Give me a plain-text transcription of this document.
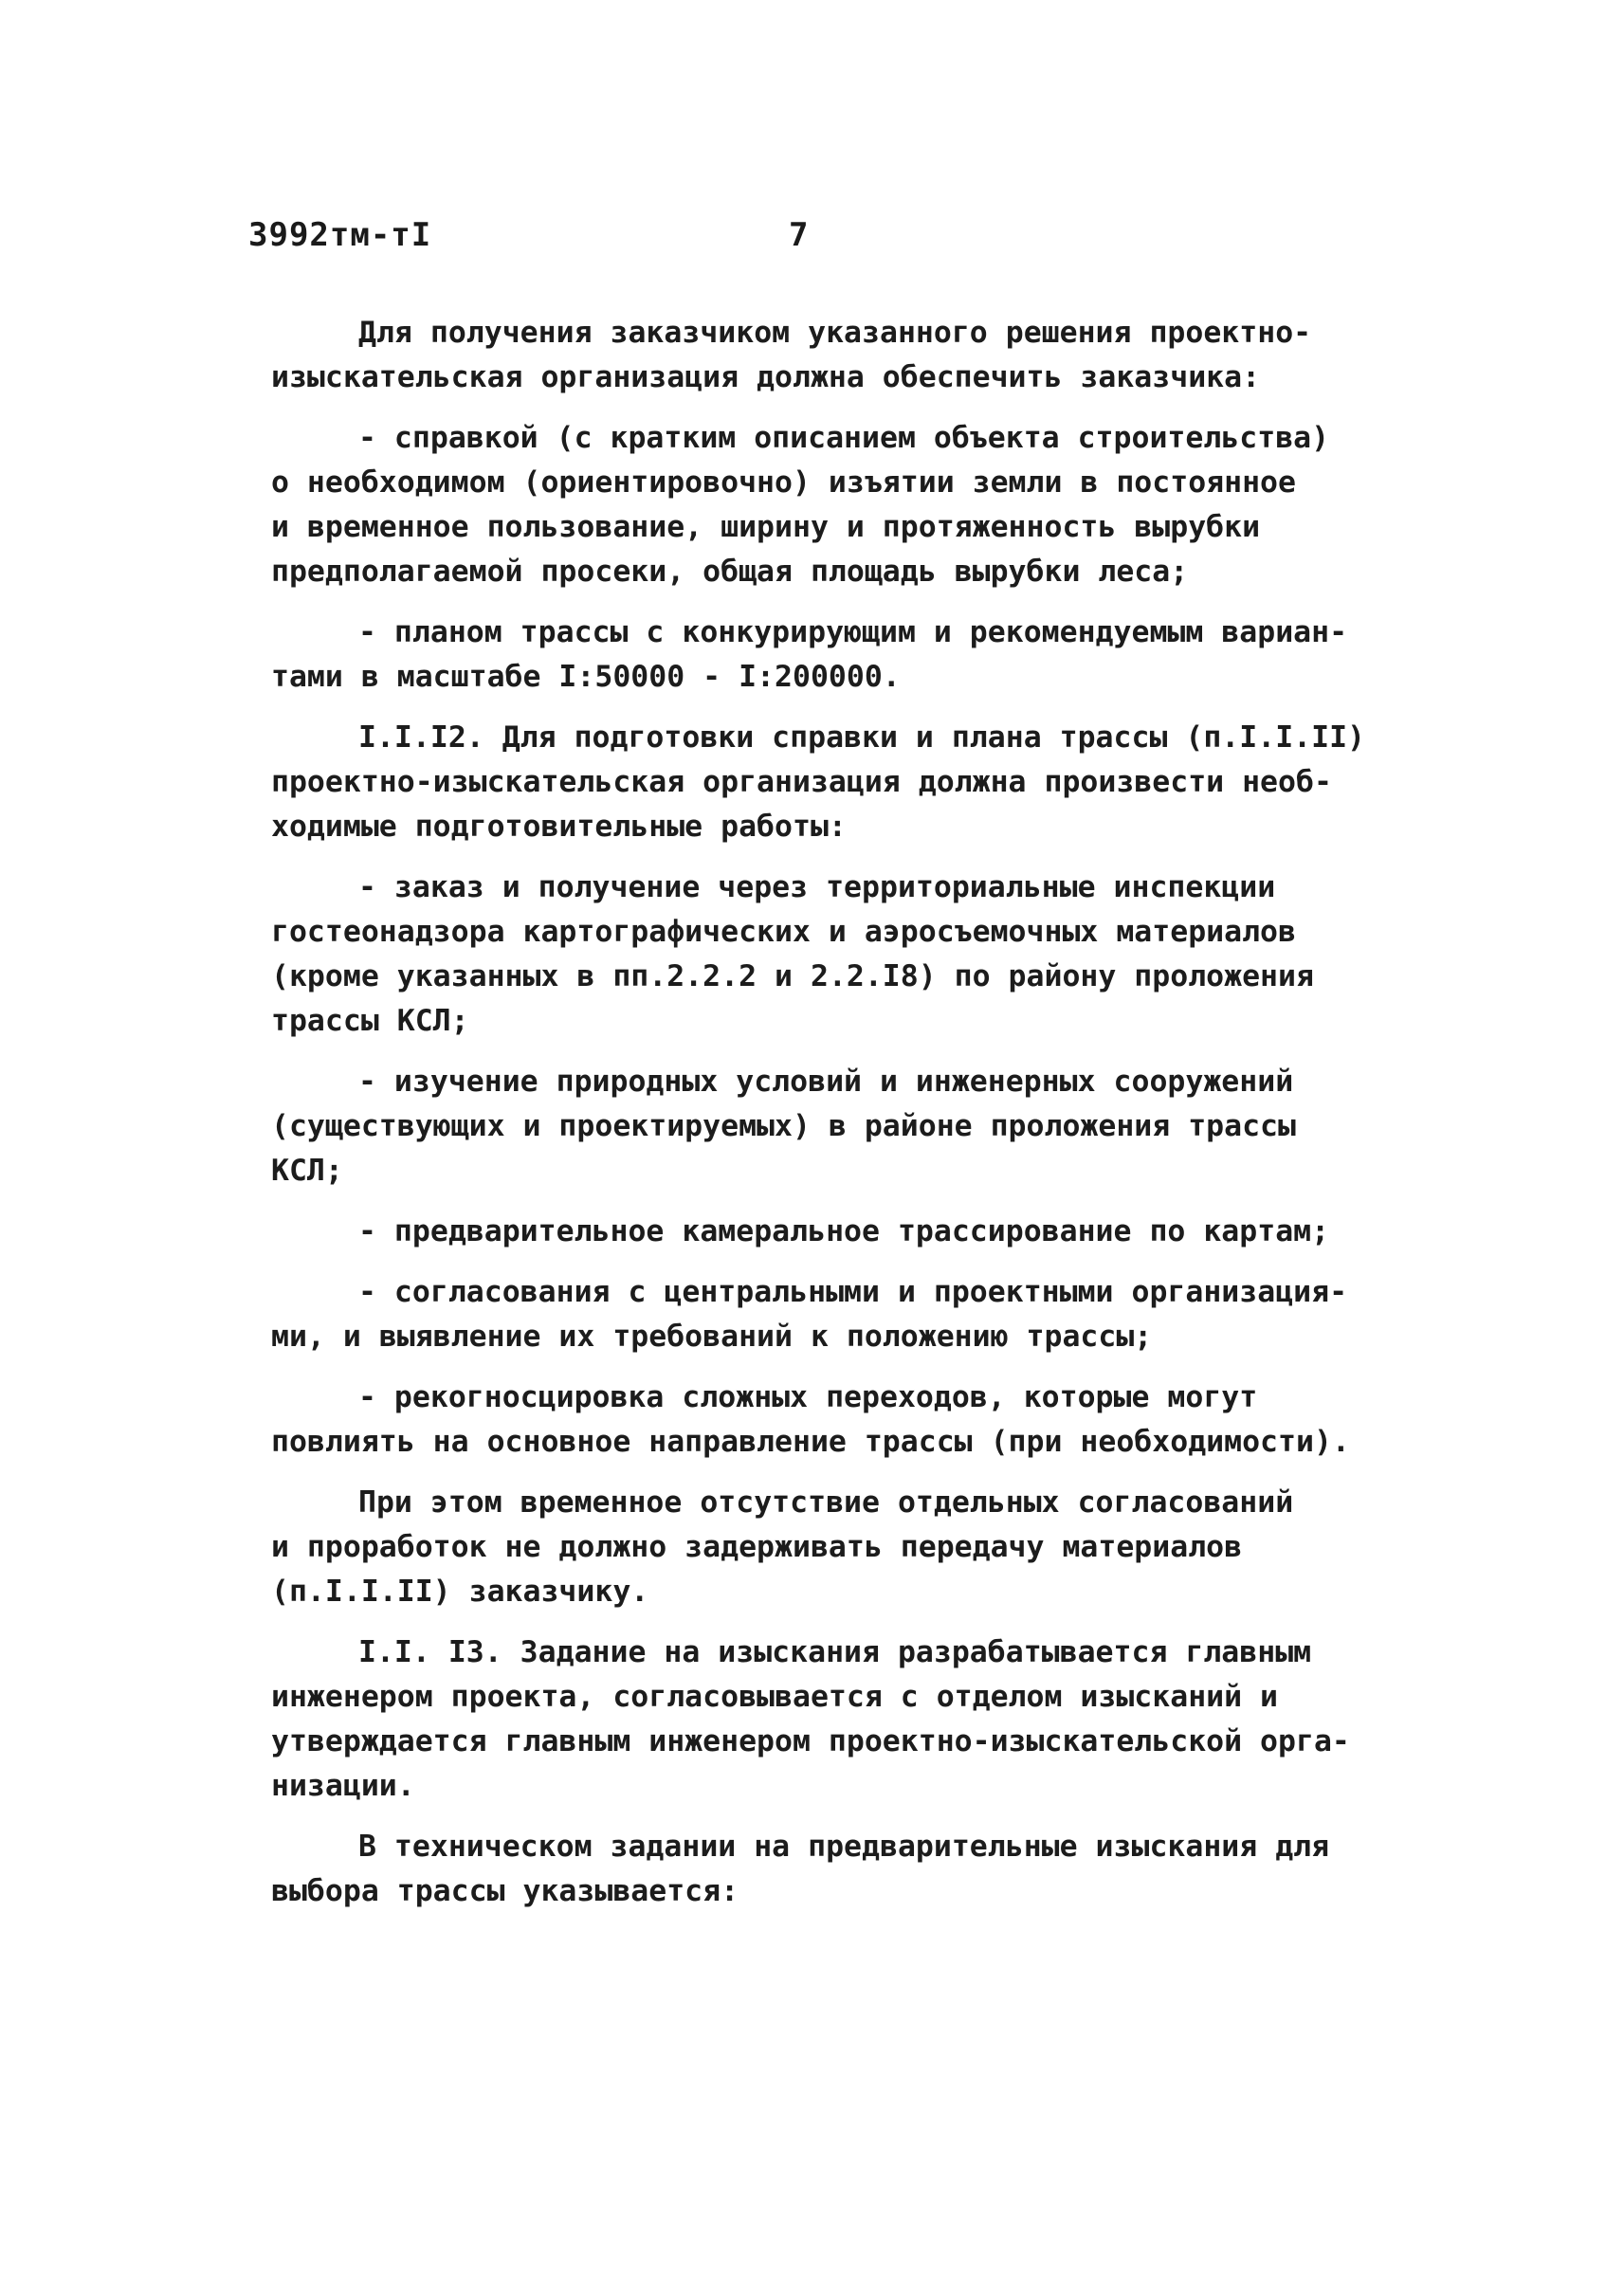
3992тм-тI	7
Для получения заказчиком указанного решения проектно-
изыскательская организация должна обеспечить заказчика:
- справкой (с кратким описанием объекта строительства)
о необходимом (ориентировочно) изъятии земли в постоянное
и временное пользование, ширину и протяженность вырубки
предполагаемой просеки, общая площадь вырубки леса;
- планом трассы с конкурирующим и рекомендуемым вариан-
тами в масштабе I:50000 - I:200000.
I.I.I2. Для подготовки справки и плана трассы (п.I.I.II)
проектно-изыскательская организация должна произвести необ-
ходимые подготовительные работы:
- заказ и получение через территориальные инспекции
гостеонадзора картографических и аэросъемочных материалов
(кроме указанных в пп.2.2.2 и 2.2.I8) по району проложения
трассы КСЛ;
- изучение природных условий и инженерных сооружений
(существующих и проектируемых) в районе проложения трассы
КСЛ;
- предварительное камеральное трассирование по картам;
- согласования с центральными и проектными организация-
ми, и выявление их требований к положению трассы;
- рекогносцировка сложных переходов, которые могут
повлиять на основное направление трассы (при необходимости).
При этом временное отсутствие отдельных согласований
и проработок не должно задерживать передачу материалов
(п.I.I.II) заказчику.
I.I. I3. Задание на изыскания разрабатывается главным
инженером проекта, согласовывается с отделом изысканий и
утверждается главным инженером проектно-изыскательской орга-
низации.
В техническом задании на предварительные изыскания для
выбора трассы указывается:
